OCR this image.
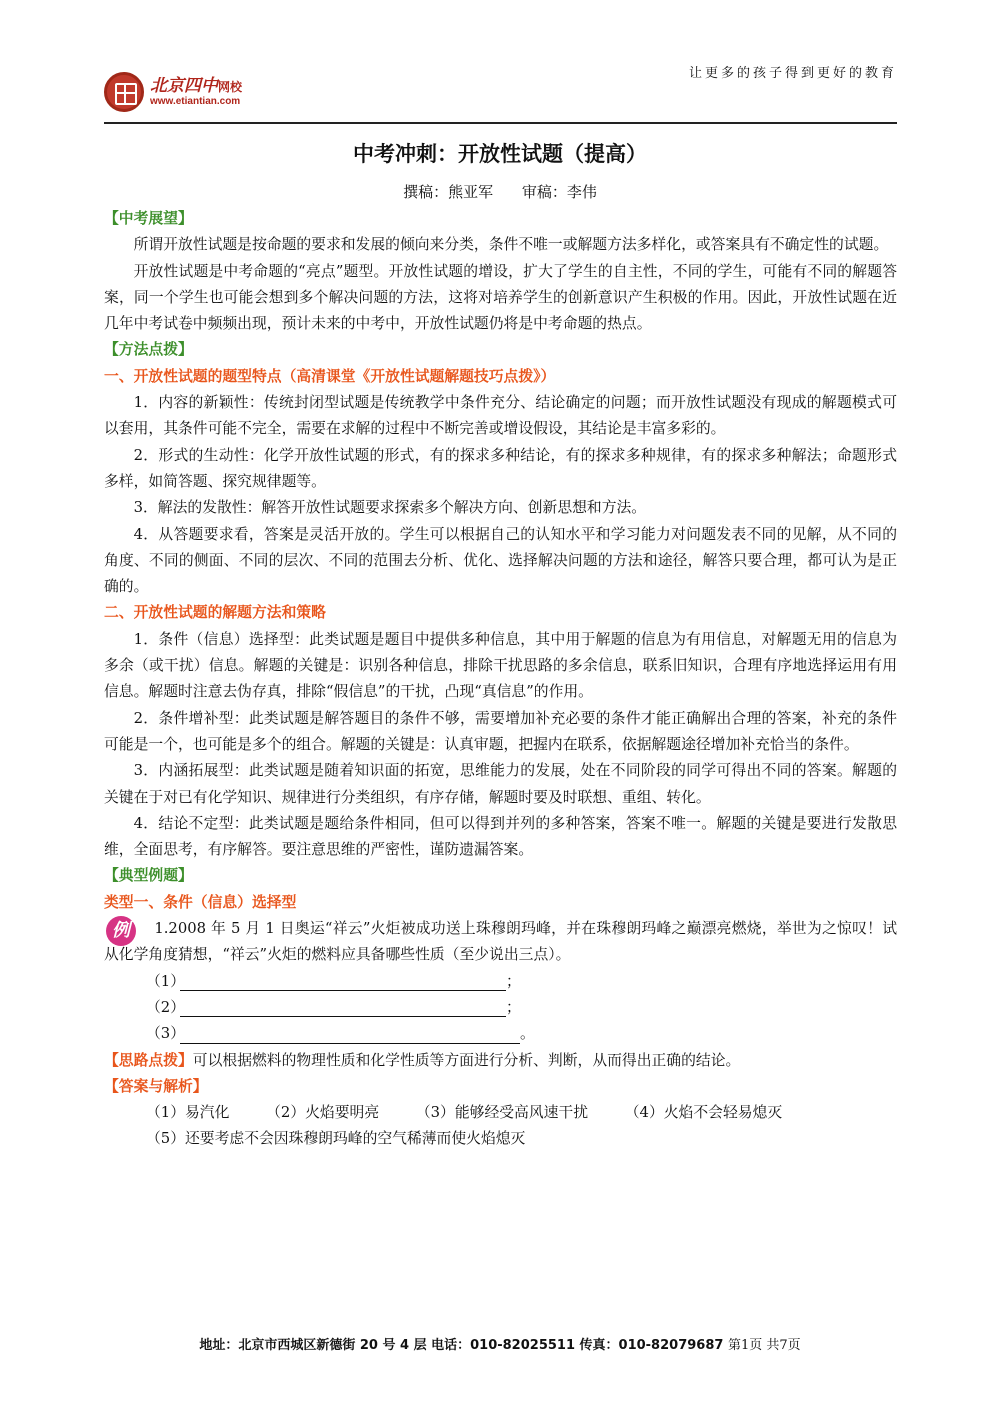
北京四中网校
www.etiantian.com
让更多的孩子得到更好的教育
中考冲刺：开放性试题（提高）
撰稿：熊亚军 审稿：李伟

【中考展望】

所谓开放性试题是按命题的要求和发展的倾向来分类，条件不唯一或解题方法多样化，或答案具有不确定性的试题。

开放性试题是中考命题的“亮点”题型。开放性试题的增设，扩大了学生的自主性，不同的学生，可能有不同的解题答案，同一个学生也可能会想到多个解决问题的方法，这将对培养学生的创新意识产生积极的作用。因此，开放性试题在近几年中考试卷中频频出现，预计未来的中考中，开放性试题仍将是中考命题的热点。

【方法点拨】

一、开放性试题的题型特点（高清课堂《开放性试题解题技巧点拨》）

1．内容的新颖性：传统封闭型试题是传统教学中条件充分、结论确定的问题；而开放性试题没有现成的解题模式可以套用，其条件可能不完全，需要在求解的过程中不断完善或增设假设，其结论是丰富多彩的。

2．形式的生动性：化学开放性试题的形式，有的探求多种结论，有的探求多种规律，有的探求多种解法；命题形式多样，如简答题、探究规律题等。

3．解法的发散性：解答开放性试题要求探索多个解决方向、创新思想和方法。

4．从答题要求看，答案是灵活开放的。学生可以根据自己的认知水平和学习能力对问题发表不同的见解，从不同的角度、不同的侧面、不同的层次、不同的范围去分析、优化、选择解决问题的方法和途径，解答只要合理，都可认为是正确的。

二、开放性试题的解题方法和策略

1．条件（信息）选择型：此类试题是题目中提供多种信息，其中用于解题的信息为有用信息，对解题无用的信息为多余（或干扰）信息。解题的关键是：识别各种信息，排除干扰思路的多余信息，联系旧知识，合理有序地选择运用有用信息。解题时注意去伪存真，排除“假信息”的干扰，凸现“真信息”的作用。

2．条件增补型：此类试题是解答题目的条件不够，需要增加补充必要的条件才能正确解出合理的答案，补充的条件可能是一个，也可能是多个的组合。解题的关键是：认真审题，把握内在联系，依据解题途径增加补充恰当的条件。

3．内涵拓展型：此类试题是随着知识面的拓宽，思维能力的发展，处在不同阶段的同学可得出不同的答案。解题的关键在于对已有化学知识、规律进行分类组织，有序存储，解题时要及时联想、重组、转化。

4．结论不定型：此类试题是题给条件相同，但可以得到并列的多种答案，答案不唯一。解题的关键是要进行发散思维，全面思考，有序解答。要注意思维的严密性，谨防遗漏答案。

【典型例题】

类型一、条件（信息）选择型

例	1.2008 年 5 月 1 日奥运“祥云”火炬被成功送上珠穆朗玛峰，并在珠穆朗玛峰之巅漂亮燃烧，举世为之惊叹！试从化学角度猜想，“祥云”火炬的燃料应具备哪些性质（至少说出三点）。

（1）	；
（2）	；
（3）	。

【思路点拨】可以根据燃料的物理性质和化学性质等方面进行分析、判断，从而得出正确的结论。

【答案与解析】

（1）易汽化 （2）火焰要明亮 （3）能够经受高风速干扰 （4）火焰不会轻易熄灭
（5）还要考虑不会因珠穆朗玛峰的空气稀薄而使火焰熄灭
地址：北京市西城区新德街 20 号 4 层 电话：010-82025511 传真：010-82079687 第1页 共7页
